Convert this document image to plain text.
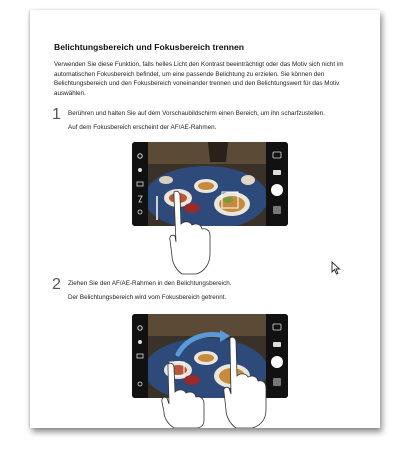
Belichtungsbereich und Fokusbereich trennen
Verwenden Sie diese Funktion, falls helles Licht den Kontrast beeinträchtigt oder das Motiv sich nicht im automatischen Fokusbereich befindet, um eine passende Belichtung zu erzielen. Sie können den Belichtungsbereich und den Fokusbereich voneinander trennen und den Belichtungswert für das Motiv auswählen.
1 Berühren und halten Sie auf dem Vorschaubildschirm einen Bereich, um ihn scharfzustellen.
Auf dem Fokusbereich erscheint der AF/AE-Rahmen.
2 Ziehen Sie den AF/AE-Rahmen in den Belichtungsbereich.
Der Belichtungsbereich wird vom Fokusbereich getrennt.
